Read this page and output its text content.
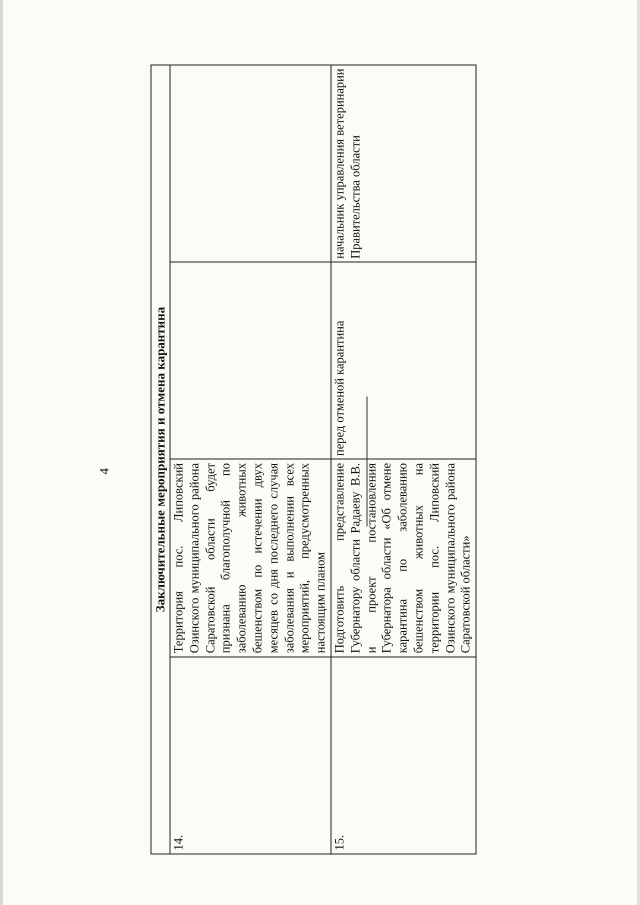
4	Заключительные мероприятия и отмена карантина			
14.	Территория пос. Липовский Озинского муниципального района Саратовской области будет признана благополучной по заболеванию животных бешенством по истечении двух месяцев со дня последнего случая заболевания и выполнении всех мероприятий, предусмотренных настоящим планом		
15.	Подготовить представление Губернатору области Радаеву В.В. и проект постановления Губернатора области «Об отмене карантина по заболеванию бешенством животных на территории пос. Липовский Озинского муниципального района Саратовской области»	перед отменой карантина	начальник управления ветеринарии Правительства области
